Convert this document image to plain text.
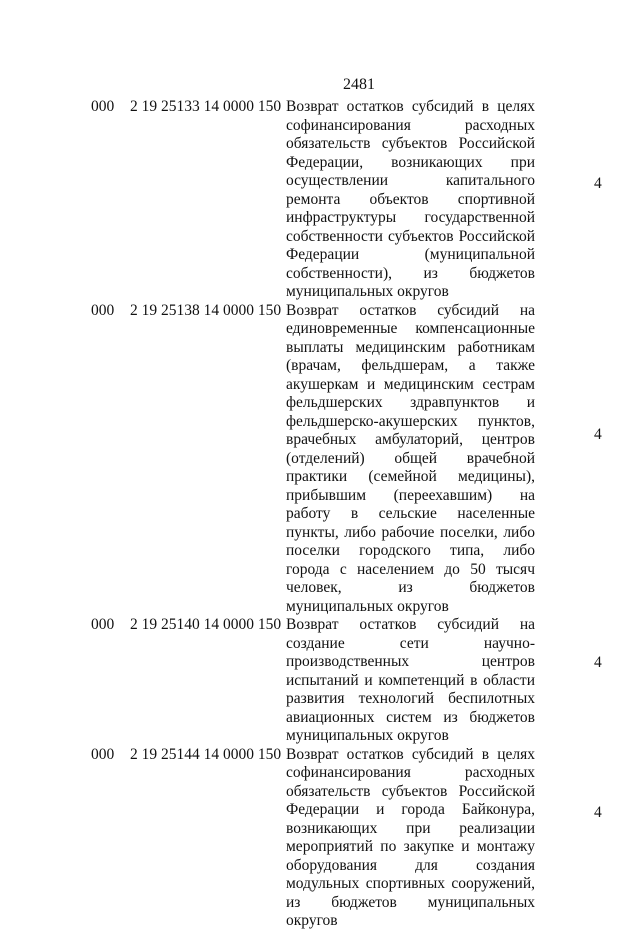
2481
000 2 19 25133 14 0000 150 Возврат остатков субсидий в целях софинансирования расходных обязательств субъектов Российской Федерации, возникающих при осуществлении капитального ремонта объектов спортивной инфраструктуры государственной собственности субъектов Российской Федерации (муниципальной собственности), из бюджетов муниципальных округов
4
000 2 19 25138 14 0000 150 Возврат остатков субсидий на единовременные компенсационные выплаты медицинским работникам (врачам, фельдшерам, а также акушеркам и медицинским сестрам фельдшерских здравпунктов и фельдшерско-акушерских пунктов, врачебных амбулаторий, центров (отделений) общей врачебной практики (семейной медицины), прибывшим (переехавшим) на работу в сельские населенные пункты, либо рабочие поселки, либо поселки городского типа, либо города с населением до 50 тысяч человек, из бюджетов муниципальных округов
4
000 2 19 25140 14 0000 150 Возврат остатков субсидий на создание сети научно-производственных центров испытаний и компетенций в области развития технологий беспилотных авиационных систем из бюджетов муниципальных округов
4
000 2 19 25144 14 0000 150 Возврат остатков субсидий в целях софинансирования расходных обязательств субъектов Российской Федерации и города Байконура, возникающих при реализации мероприятий по закупке и монтажу оборудования для создания модульных спортивных сооружений, из бюджетов муниципальных округов
4
